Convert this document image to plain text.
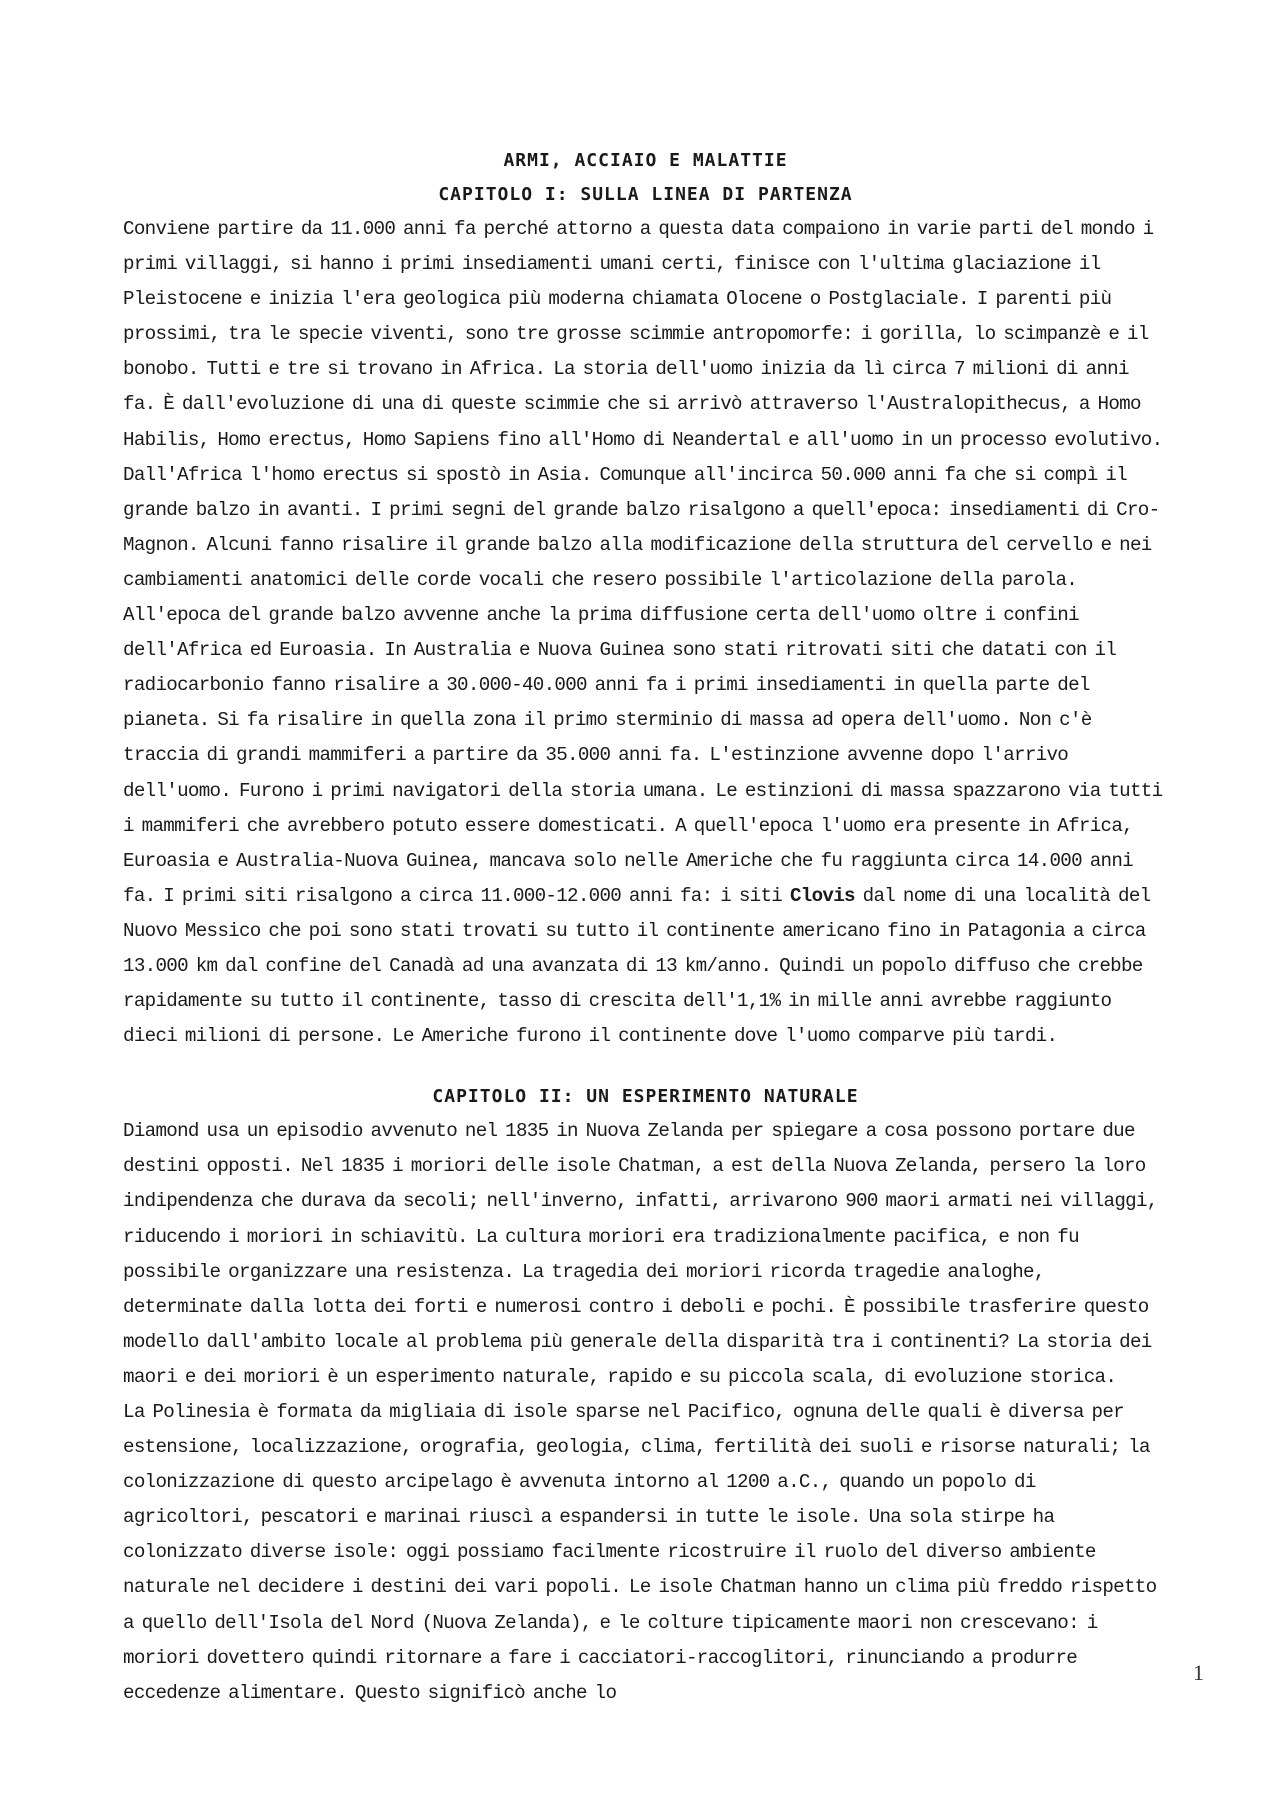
ARMI, ACCIAIO E MALATTIE
CAPITOLO I: SULLA LINEA DI PARTENZA

Conviene partire da 11.000 anni fa perché attorno a questa data compaiono in varie parti del mondo i primi villaggi, si hanno i primi insediamenti umani certi, finisce con l'ultima glaciazione il Pleistocene e inizia l'era geologica più moderna chiamata Olocene o Postglaciale. I parenti più prossimi, tra le specie viventi, sono tre grosse scimmie antropomorfe: i gorilla, lo scimpanzè e il bonobo. Tutti e tre si trovano in Africa. La storia dell'uomo inizia da lì circa 7 milioni di anni fa. È dall'evoluzione di una di queste scimmie che si arrivò attraverso l'Australopithecus, a Homo Habilis, Homo erectus, Homo Sapiens fino all'Homo di Neandertal e all'uomo in un processo evolutivo. Dall'Africa l'homo erectus si spostò in Asia. Comunque all'incirca 50.000 anni fa che si compì il grande balzo in avanti. I primi segni del grande balzo risalgono a quell'epoca: insediamenti di Cro-Magnon. Alcuni fanno risalire il grande balzo alla modificazione della struttura del cervello e nei cambiamenti anatomici delle corde vocali che resero possibile l'articolazione della parola. All'epoca del grande balzo avvenne anche la prima diffusione certa dell'uomo oltre i confini dell'Africa ed Euroasia. In Australia e Nuova Guinea sono stati ritrovati siti che datati con il radiocarbonio fanno risalire a 30.000-40.000 anni fa i primi insediamenti in quella parte del pianeta. Si fa risalire in quella zona il primo sterminio di massa ad opera dell'uomo. Non c'è traccia di grandi mammiferi a partire da 35.000 anni fa. L'estinzione avvenne dopo l'arrivo dell'uomo. Furono i primi navigatori della storia umana. Le estinzioni di massa spazzarono via tutti i mammiferi che avrebbero potuto essere domesticati. A quell'epoca l'uomo era presente in Africa, Euroasia e Australia-Nuova Guinea, mancava solo nelle Americhe che fu raggiunta circa 14.000 anni fa. I primi siti risalgono a circa 11.000-12.000 anni fa: i siti Clovis dal nome di una località del Nuovo Messico che poi sono stati trovati su tutto il continente americano fino in Patagonia a circa 13.000 km dal confine del Canadà ad una avanzata di 13 km/anno. Quindi un popolo diffuso che crebbe rapidamente su tutto il continente, tasso di crescita dell'1,1% in mille anni avrebbe raggiunto dieci milioni di persone. Le Americhe furono il continente dove l'uomo comparve più tardi.

CAPITOLO II: UN ESPERIMENTO NATURALE

Diamond usa un episodio avvenuto nel 1835 in Nuova Zelanda per spiegare a cosa possono portare due destini opposti. Nel 1835 i moriori delle isole Chatman, a est della Nuova Zelanda, persero la loro indipendenza che durava da secoli; nell'inverno, infatti, arrivarono 900 maori armati nei villaggi, riducendo i moriori in schiavitù. La cultura moriori era tradizionalmente pacifica, e non fu possibile organizzare una resistenza. La tragedia dei moriori ricorda tragedie analoghe, determinate dalla lotta dei forti e numerosi contro i deboli e pochi. È possibile trasferire questo modello dall'ambito locale al problema più generale della disparità tra i continenti? La storia dei maori e dei moriori è un esperimento naturale, rapido e su piccola scala, di evoluzione storica.

La Polinesia è formata da migliaia di isole sparse nel Pacifico, ognuna delle quali è diversa per estensione, localizzazione, orografia, geologia, clima, fertilità dei suoli e risorse naturali; la colonizzazione di questo arcipelago è avvenuta intorno al 1200 a.C., quando un popolo di agricoltori, pescatori e marinai riuscì a espandersi in tutte le isole. Una sola stirpe ha colonizzato diverse isole: oggi possiamo facilmente ricostruire il ruolo del diverso ambiente naturale nel decidere i destini dei vari popoli. Le isole Chatman hanno un clima più freddo rispetto a quello dell'Isola del Nord (Nuova Zelanda), e le colture tipicamente maori non crescevano: i moriori dovettero quindi ritornare a fare i cacciatori-raccoglitori, rinunciando a produrre eccedenze alimentare. Questo significò anche lo

1
